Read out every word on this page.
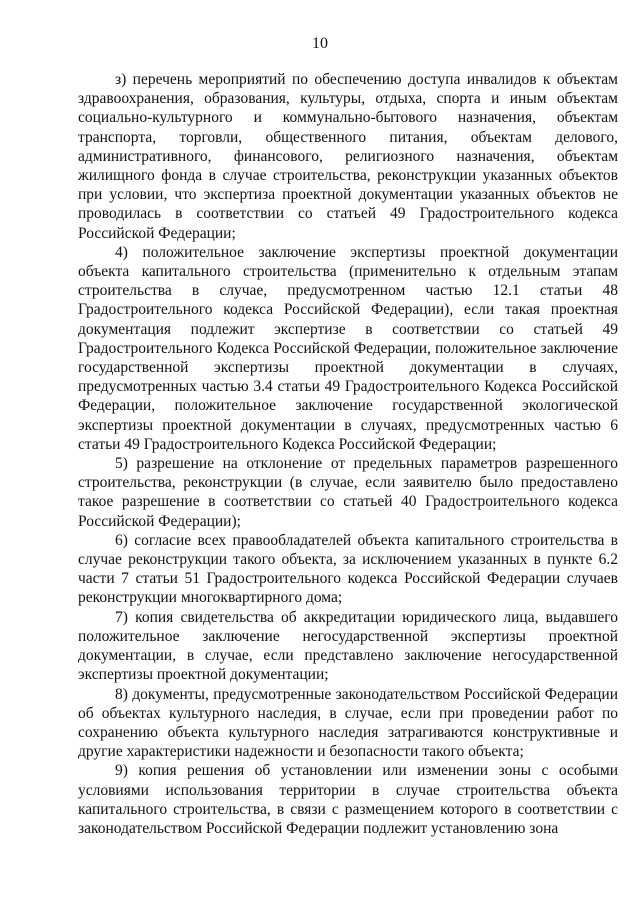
10

з) перечень мероприятий по обеспечению доступа инвалидов к объектам здравоохранения, образования, культуры, отдыха, спорта и иным объектам социально-культурного и коммунально-бытового назначения, объектам транспорта, торговли, общественного питания, объектам делового, административного, финансового, религиозного назначения, объектам жилищного фонда в случае строительства, реконструкции указанных объектов при условии, что экспертиза проектной документации указанных объектов не проводилась в соответствии со статьей 49 Градостроительного кодекса Российской Федерации;

4) положительное заключение экспертизы проектной документации объекта капитального строительства (применительно к отдельным этапам строительства в случае, предусмотренном частью 12.1 статьи 48 Градостроительного кодекса Российской Федерации), если такая проектная документация подлежит экспертизе в соответствии со статьей 49 Градостроительного Кодекса Российской Федерации, положительное заключение государственной экспертизы проектной документации в случаях, предусмотренных частью 3.4 статьи 49 Градостроительного Кодекса Российской Федерации, положительное заключение государственной экологической экспертизы проектной документации в случаях, предусмотренных частью 6 статьи 49 Градостроительного Кодекса Российской Федерации;

5) разрешение на отклонение от предельных параметров разрешенного строительства, реконструкции (в случае, если заявителю было предоставлено такое разрешение в соответствии со статьей 40 Градостроительного кодекса Российской Федерации);

6) согласие всех правообладателей объекта капитального строительства в случае реконструкции такого объекта, за исключением указанных в пункте 6.2 части 7 статьи 51 Градостроительного кодекса Российской Федерации случаев реконструкции многоквартирного дома;

7) копия свидетельства об аккредитации юридического лица, выдавшего положительное заключение негосударственной экспертизы проектной документации, в случае, если представлено заключение негосударственной экспертизы проектной документации;

8) документы, предусмотренные законодательством Российской Федерации об объектах культурного наследия, в случае, если при проведении работ по сохранению объекта культурного наследия затрагиваются конструктивные и другие характеристики надежности и безопасности такого объекта;

9) копия решения об установлении или изменении зоны с особыми условиями использования территории в случае строительства объекта капитального строительства, в связи с размещением которого в соответствии с законодательством Российской Федерации подлежит установлению зона
